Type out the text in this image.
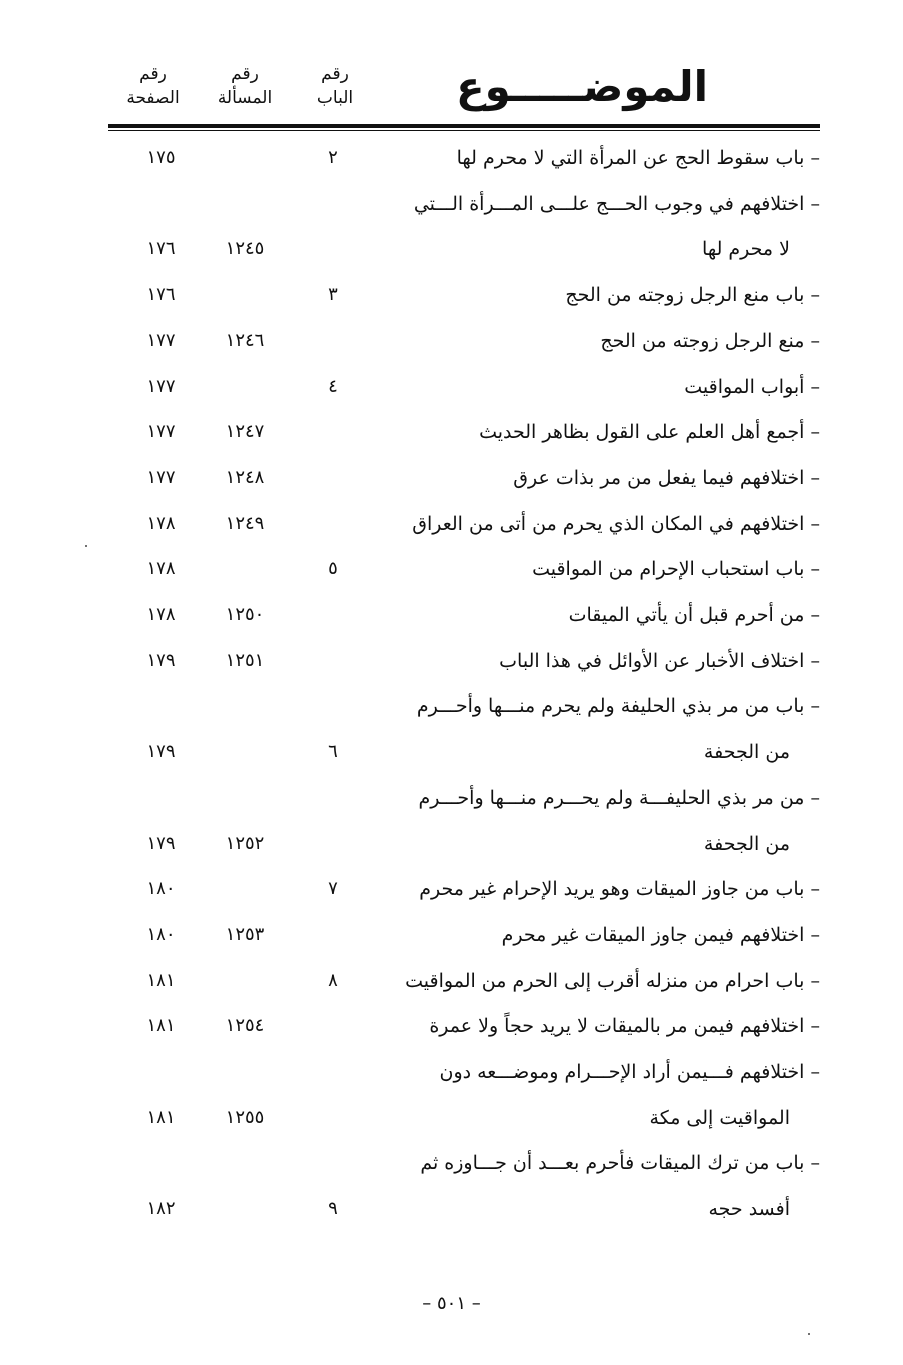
الموضـــــوع
رقم
الباب
رقم
المسألة
رقم
الصفحة
– باب سقوط الحج عن المرأة التي لا محرم لها
٢
١٧٥
– اختلافهم في وجوب الحـــج علـــى المـــرأة الـــتي
لا محرم لها
١٢٤٥
١٧٦
– باب منع الرجل زوجته من الحج
٣
١٧٦
– منع الرجل زوجته من الحج
١٢٤٦
١٧٧
– أبواب المواقيت
٤
١٧٧
– أجمع أهل العلم على القول بظاهر الحديث
١٢٤٧
١٧٧
– اختلافهم فيما يفعل من مر بذات عرق
١٢٤٨
١٧٧
– اختلافهم في المكان الذي يحرم من أتى من العراق
١٢٤٩
١٧٨
– باب استحباب الإحرام من المواقيت
٥
١٧٨
– من أحرم قبل أن يأتي الميقات
١٢٥٠
١٧٨
– اختلاف الأخبار عن الأوائل في هذا الباب
١٢٥١
١٧٩
– باب من مر بذي الحليفة ولم يحرم منـــها وأحـــرم
من الجحفة
٦
١٧٩
– من مر بذي الحليفـــة ولم يحـــرم منـــها وأحـــرم
من الجحفة
١٢٥٢
١٧٩
– باب من جاوز الميقات وهو يريد الإحرام غير محرم
٧
١٨٠
– اختلافهم فيمن جاوز الميقات غير محرم
١٢٥٣
١٨٠
– باب احرام من منزله أقرب إلى الحرم من المواقيت
٨
١٨١
– اختلافهم فيمن مر بالميقات لا يريد حجاً ولا عمرة
١٢٥٤
١٨١
– اختلافهم فـــيمن أراد الإحـــرام وموضـــعه دون
المواقيت إلى مكة
١٢٥٥
١٨١
– باب من ترك الميقات فأحرم بعـــد أن جـــاوزه ثم
أفسد حجه
٩
١٨٢
– ٥٠١ –
